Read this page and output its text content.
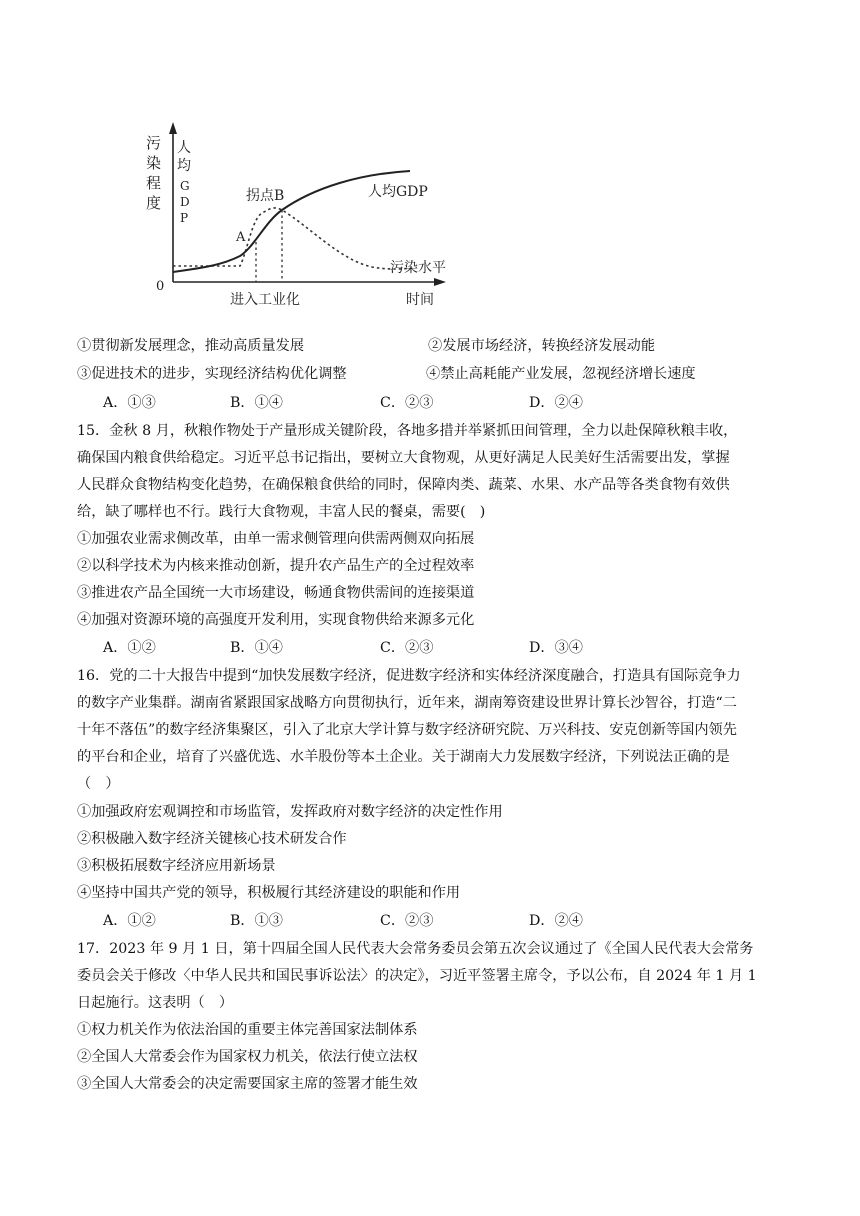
污
染
程
度
人
均
G
D
P
0
A
拐点B	人均GDP
污染水平
进入工业化	时间
①贯彻新发展理念，推动高质量发展	②发展市场经济，转换经济发展动能
③促进技术的进步，实现经济结构优化调整	④禁止高耗能产业发展，忽视经济增长速度
A．①③	B．①④	C．②③	D．②④
15．金秋 8 月，秋粮作物处于产量形成关键阶段，各地多措并举紧抓田间管理，全力以赴保障秋粮丰收，
确保国内粮食供给稳定。习近平总书记指出，要树立大食物观，从更好满足人民美好生活需要出发，掌握
人民群众食物结构变化趋势，在确保粮食供给的同时，保障肉类、蔬菜、水果、水产品等各类食物有效供
给，缺了哪样也不行。践行大食物观，丰富人民的餐桌，需要(　)
①加强农业需求侧改革，由单一需求侧管理向供需两侧双向拓展
②以科学技术为内核来推动创新，提升农产品生产的全过程效率
③推进农产品全国统一大市场建设，畅通食物供需间的连接渠道
④加强对资源环境的高强度开发利用，实现食物供给来源多元化
A．①②	B．①④	C．②③	D．③④
16．党的二十大报告中提到“加快发展数字经济，促进数字经济和实体经济深度融合，打造具有国际竞争力
的数字产业集群。湖南省紧跟国家战略方向贯彻执行，近年来，湖南筹资建设世界计算长沙智谷，打造“二
十年不落伍”的数字经济集聚区，引入了北京大学计算与数字经济研究院、万兴科技、安克创新等国内领先
的平台和企业，培育了兴盛优选、水羊股份等本土企业。关于湖南大力发展数字经济，下列说法正确的是
（　）
①加强政府宏观调控和市场监管，发挥政府对数字经济的决定性作用
②积极融入数字经济关键核心技术研发合作
③积极拓展数字经济应用新场景
④坚持中国共产党的领导，积极履行其经济建设的职能和作用
A．①②	B．①③	C．②③	D．②④
17．2023 年 9 月 1 日，第十四届全国人民代表大会常务委员会第五次会议通过了《全国人民代表大会常务
委员会关于修改〈中华人民共和国民事诉讼法〉的决定》，习近平签署主席令，予以公布，自 2024 年 1 月 1
日起施行。这表明（　）
①权力机关作为依法治国的重要主体完善国家法制体系
②全国人大常委会作为国家权力机关，依法行使立法权
③全国人大常委会的决定需要国家主席的签署才能生效
